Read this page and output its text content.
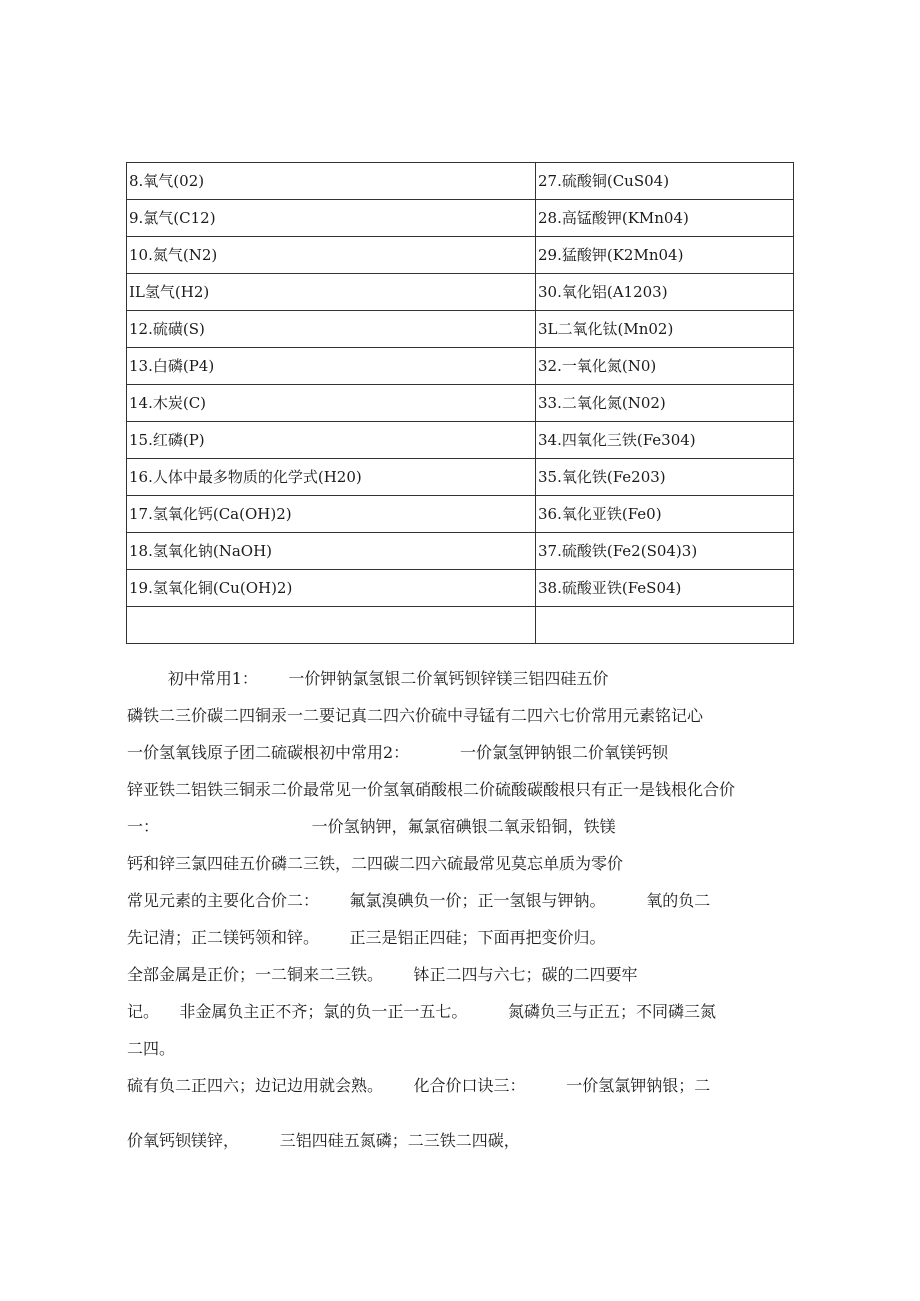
8.氧气(02)	27.硫酸铜(CuS04)
9.氯气(C12)	28.高锰酸钾(KMn04)
10.氮气(N2)	29.猛酸钾(K2Mn04)
IL氢气(H2)	30.氧化铝(A1203)
12.硫磺(S)	3L二氧化钛(Mn02)
13.白磷(P4)	32.一氧化氮(N0)
14.木炭(C)	33.二氧化氮(N02)
15.红磷(P)	34.四氧化三铁(Fe304)
16.人体中最多物质的化学式(H20)	35.氧化铁(Fe203)
17.氢氧化钙(Ca(OH)2)	36.氧化亚铁(Fe0)
18.氢氧化钠(NaOH)	37.硫酸铁(Fe2(S04)3)
19.氢氧化铜(Cu(OH)2)	38.硫酸亚铁(FeS04)

初中常用1：      一价钾钠氯氢银二价氧钙钡锌镁三铝四硅五价
磷铁二三价碳二四铜汞一二要记真二四六价硫中寻锰有二四六七价常用元素铭记心
一价氢氧钱原子团二硫碳根初中常用2：          一价氯氢钾钠银二价氧镁钙钡
锌亚铁二铝铁三铜汞二价最常见一价氢氧硝酸根二价硫酸碳酸根只有正一是钱根化合价
一：                              一价氢钠钾，氟氯宿碘银二氧汞铅铜，铁镁
钙和锌三氯四硅五价磷二三铁，二四碳二四六硫最常见莫忘单质为零价
常见元素的主要化合价二：      氟氯溴碘负一价；正一氢银与钾钠。        氧的负二
先记清；正二镁钙领和锌。      正三是铝正四硅；下面再把变价归。
全部金属是正价；一二铜来二三铁。      钵正二四与六七；碳的二四要牢
记。    非金属负主正不齐；氯的负一正一五七。        氮磷负三与正五；不同磷三氮
二四。
硫有负二正四六；边记边用就会熟。      化合价口诀三：        一价氢氯钾钠银；二
价氧钙钡镁锌，        三铝四硅五氮磷；二三铁二四碳，
